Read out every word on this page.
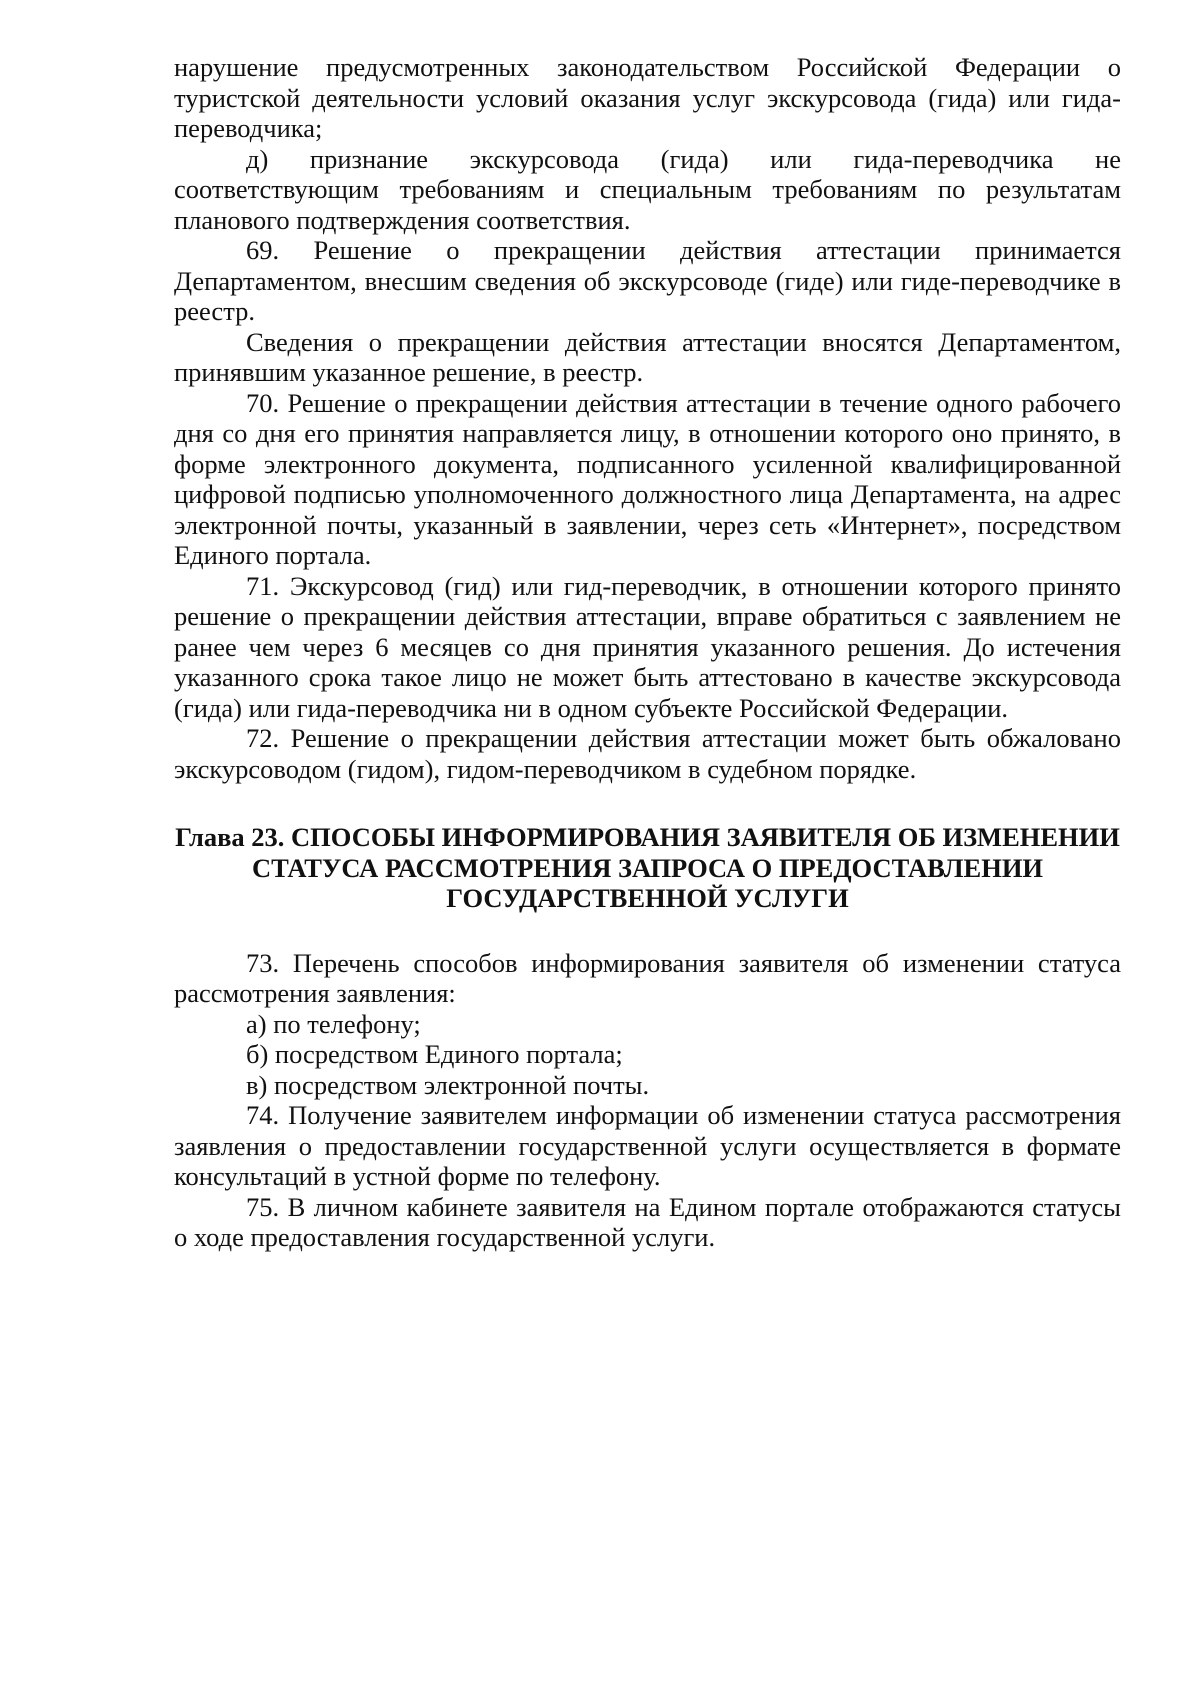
нарушение предусмотренных законодательством Российской Федерации о туристской деятельности условий оказания услуг экскурсовода (гида) или гида-переводчика;

д) признание экскурсовода (гида) или гида-переводчика не соответствующим требованиям и специальным требованиям по результатам планового подтверждения соответствия.

69. Решение о прекращении действия аттестации принимается Департаментом, внесшим сведения об экскурсоводе (гиде) или гиде-переводчике в реестр.

Сведения о прекращении действия аттестации вносятся Департаментом, принявшим указанное решение, в реестр.

70. Решение о прекращении действия аттестации в течение одного рабочего дня со дня его принятия направляется лицу, в отношении которого оно принято, в форме электронного документа, подписанного усиленной квалифицированной цифровой подписью уполномоченного должностного лица Департамента, на адрес электронной почты, указанный в заявлении, через сеть «Интернет», посредством Единого портала.

71. Экскурсовод (гид) или гид-переводчик, в отношении которого принято решение о прекращении действия аттестации, вправе обратиться с заявлением не ранее чем через 6 месяцев со дня принятия указанного решения. До истечения указанного срока такое лицо не может быть аттестовано в качестве экскурсовода (гида) или гида-переводчика ни в одном субъекте Российской Федерации.

72. Решение о прекращении действия аттестации может быть обжаловано экскурсоводом (гидом), гидом-переводчиком в судебном порядке.

Глава 23. СПОСОБЫ ИНФОРМИРОВАНИЯ ЗАЯВИТЕЛЯ ОБ ИЗМЕНЕНИИ
СТАТУСА РАССМОТРЕНИЯ ЗАПРОСА О ПРЕДОСТАВЛЕНИИ
ГОСУДАРСТВЕННОЙ УСЛУГИ

73. Перечень способов информирования заявителя об изменении статуса рассмотрения заявления:

а) по телефону;

б) посредством Единого портала;

в) посредством электронной почты.

74. Получение заявителем информации об изменении статуса рассмотрения заявления о предоставлении государственной услуги осуществляется в формате консультаций в устной форме по телефону.

75. В личном кабинете заявителя на Едином портале отображаются статусы о ходе предоставления государственной услуги.
